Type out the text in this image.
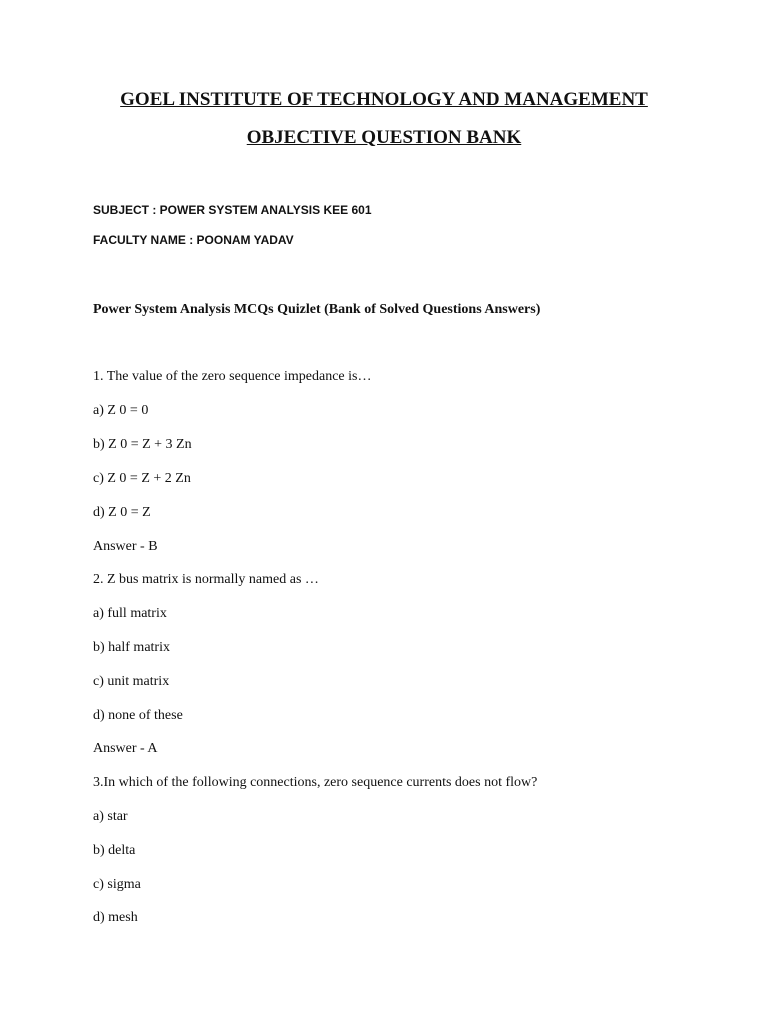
GOEL INSTITUTE OF TECHNOLOGY AND MANAGEMENT
OBJECTIVE QUESTION BANK
SUBJECT : POWER SYSTEM ANALYSIS KEE 601
FACULTY NAME : POONAM YADAV
Power System Analysis MCQs Quizlet (Bank of Solved Questions Answers)
1. The value of the zero sequence impedance is…
a) Z 0 = 0
b) Z 0 = Z + 3 Zn
c) Z 0 = Z + 2 Zn
d) Z 0 = Z
Answer - B
2. Z bus matrix is normally named as …
a) full matrix
b) half matrix
c) unit matrix
d) none of these
Answer - A
3.In which of the following connections, zero sequence currents does not flow?
a) star
b) delta
c) sigma
d) mesh
